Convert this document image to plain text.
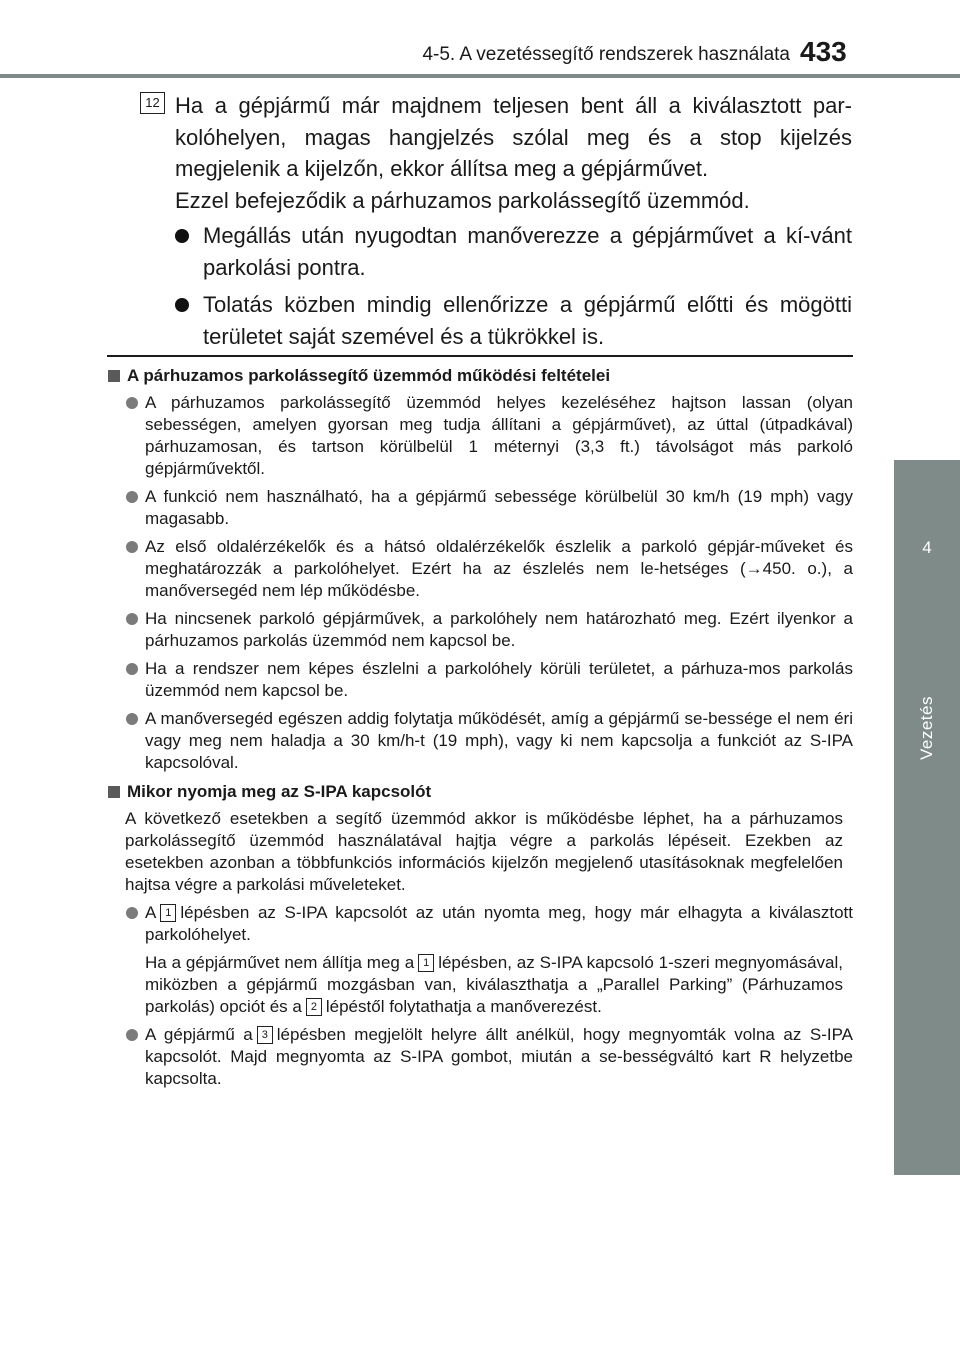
4-5. A vezetéssegítő rendszerek használata 433
4
Vezetés
12 Ha a gépjármű már majdnem teljesen bent áll a kiválasztott par-kolóhelyen, magas hangjelzés szólal meg és a stop kijelzés megjelenik a kijelzőn, ekkor állítsa meg a gépjárművet.
Ezzel befejeződik a párhuzamos parkolássegítő üzemmód.
Megállás után nyugodtan manőverezze a gépjárművet a kí-vánt parkolási pontra.
Tolatás közben mindig ellenőrizze a gépjármű előtti és mögötti területet saját szemével és a tükrökkel is.
A párhuzamos parkolássegítő üzemmód működési feltételei
A párhuzamos parkolássegítő üzemmód helyes kezeléséhez hajtson lassan (olyan sebességen, amelyen gyorsan meg tudja állítani a gépjárművet), az úttal (útpadkával) párhuzamosan, és tartson körülbelül 1 méternyi (3,3 ft.) távolságot más parkoló gépjárművektől.
A funkció nem használható, ha a gépjármű sebessége körülbelül 30 km/h (19 mph) vagy magasabb.
Az első oldalérzékelők és a hátsó oldalérzékelők észlelik a parkoló gépjár-műveket és meghatározzák a parkolóhelyet. Ezért ha az észlelés nem le-hetséges (→450. o.), a manőversegéd nem lép működésbe.
Ha nincsenek parkoló gépjárművek, a parkolóhely nem határozható meg. Ezért ilyenkor a párhuzamos parkolás üzemmód nem kapcsol be.
Ha a rendszer nem képes észlelni a parkolóhely körüli területet, a párhuza-mos parkolás üzemmód nem kapcsol be.
A manőversegéd egészen addig folytatja működését, amíg a gépjármű se-bessége el nem éri vagy meg nem haladja a 30 km/h-t (19 mph), vagy ki nem kapcsolja a funkciót az S-IPA kapcsolóval.
Mikor nyomja meg az S-IPA kapcsolót
A következő esetekben a segítő üzemmód akkor is működésbe léphet, ha a párhuzamos parkolássegítő üzemmód használatával hajtja végre a parkolás lépéseit. Ezekben az esetekben azonban a többfunkciós információs kijelzőn megjelenő utasításoknak megfelelően hajtsa végre a parkolási műveleteket.
A 1 lépésben az S-IPA kapcsolót az után nyomta meg, hogy már elhagyta a kiválasztott parkolóhelyet.
Ha a gépjárművet nem állítja meg a 1 lépésben, az S-IPA kapcsoló 1-szeri megnyomásával, miközben a gépjármű mozgásban van, kiválaszthatja a „Parallel Parking” (Párhuzamos parkolás) opciót és a 2 lépéstől folytathatja a manőverezést.
A gépjármű a 3 lépésben megjelölt helyre állt anélkül, hogy megnyomták volna az S-IPA kapcsolót. Majd megnyomta az S-IPA gombot, miután a se-bességváltó kart R helyzetbe kapcsolta.
